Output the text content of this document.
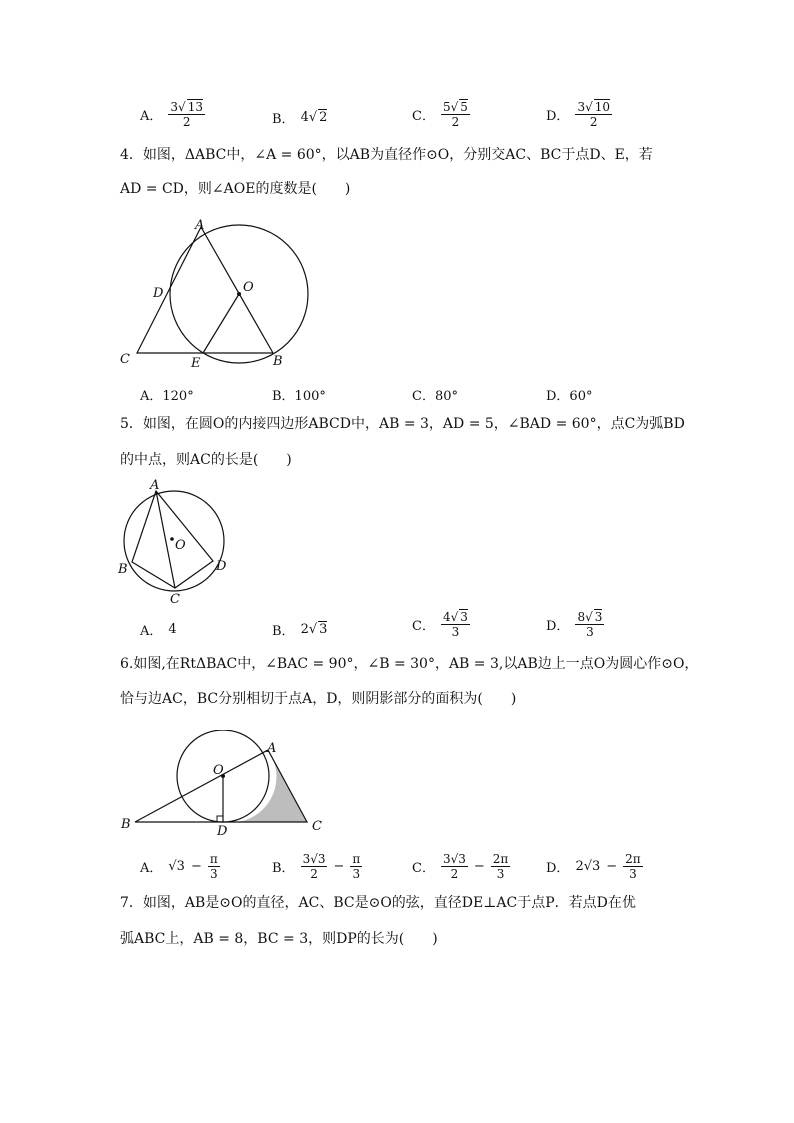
A． $\frac{3 √ 13}{2}$	B． 4 √ 2	C． $\frac{5 √ 5}{2}$	D． $\frac{3 √ 10}{2}$
4．如图，ΔABC中，∠A = 60°，以AB为直径作⊙O，分别交AC、BC于点D、E，若
AD = CD，则∠AOE的度数是(　　)
A
D	O
C	E	B
A．120°	B．100°	C．80°	D．60°
5．如图，在圆O的内接四边形ABCD中，AB = 3，AD = 5，∠BAD = 60°，点C为弧BD
的中点，则AC的长是(　　)
A
O
B	D
C
A． 4	B． 2 √ 3	C． $\frac{4 √ 3}{3}$	D． $\frac{8 √ 3}{3}$
6.如图,在RtΔBAC中，∠BAC = 90°，∠B = 30°，AB = 3,以AB边上一点O为圆心作⊙O，
恰与边AC，BC分别相切于点A，D，则阴影部分的面积为(　　)
A
O
B	D	C
A． $√3 - \frac{\pi}{3}$	B． $\frac{3√3}{2} - \frac{\pi}{3}$	C． $\frac{3√3}{2} - \frac{2\pi}{3}$	D． $2√3 - \frac{2\pi}{3}$
7．如图，AB是⊙O的直径，AC、BC是⊙O的弦，直径DE⊥AC于点P．若点D在优
弧ABC上，AB = 8，BC = 3，则DP的长为(　　)
